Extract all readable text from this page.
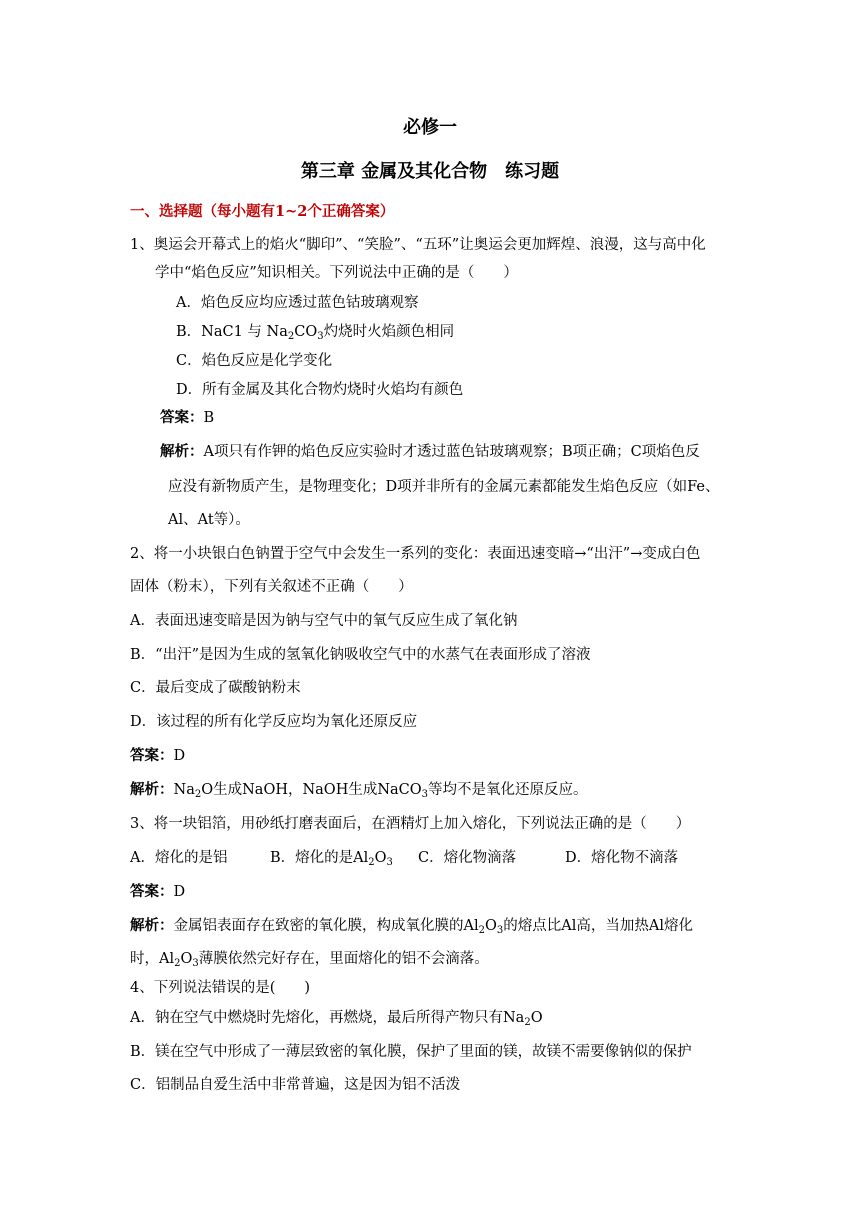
必修一
第三章 金属及其化合物　练习题
一、选择题（每小题有1~2个正确答案）
1、奥运会开幕式上的焰火“脚印”、“笑脸”、“五环”让奥运会更加辉煌、浪漫，这与高中化
学中“焰色反应”知识相关。下列说法中正确的是（　　）
A．焰色反应均应透过蓝色钴玻璃观察
B．NaC1 与 $Na_2CO_3$灼烧时火焰颜色相同
C．焰色反应是化学变化
D．所有金属及其化合物灼烧时火焰均有颜色
答案：B
解析：A项只有作钾的焰色反应实验时才透过蓝色钴玻璃观察；B项正确；C项焰色反
应没有新物质产生，是物理变化；D项并非所有的金属元素都能发生焰色反应（如Fe、
Al、At等）。
2、将一小块银白色钠置于空气中会发生一系列的变化：表面迅速变暗→“出汗”→变成白色
固体（粉末），下列有关叙述不正确（　　）
A．表面迅速变暗是因为钠与空气中的氧气反应生成了氧化钠
B．“出汗”是因为生成的氢氧化钠吸收空气中的水蒸气在表面形成了溶液
C．最后变成了碳酸钠粉末
D．该过程的所有化学反应均为氧化还原反应
答案：D
解析：$Na_2O$生成NaOH，NaOH生成NaCO$_3$等均不是氧化还原反应。
3、将一块铝箔，用砂纸打磨表面后，在酒精灯上加入熔化，下列说法正确的是（　　）
A．熔化的是铝	B．熔化的是$Al_2O_3$ C．熔化物滴落	D．熔化物不滴落
答案：D
解析：金属铝表面存在致密的氧化膜，构成氧化膜的$Al_2O_3$的熔点比Al高，当加热Al熔化
时，$Al_2O_3$薄膜依然完好存在，里面熔化的铝不会滴落。
4、下列说法错误的是(　　)
A．钠在空气中燃烧时先熔化，再燃烧，最后所得产物只有$Na_2O$
B．镁在空气中形成了一薄层致密的氧化膜，保护了里面的镁，故镁不需要像钠似的保护
C．铝制品自爱生活中非常普遍，这是因为铝不活泼
